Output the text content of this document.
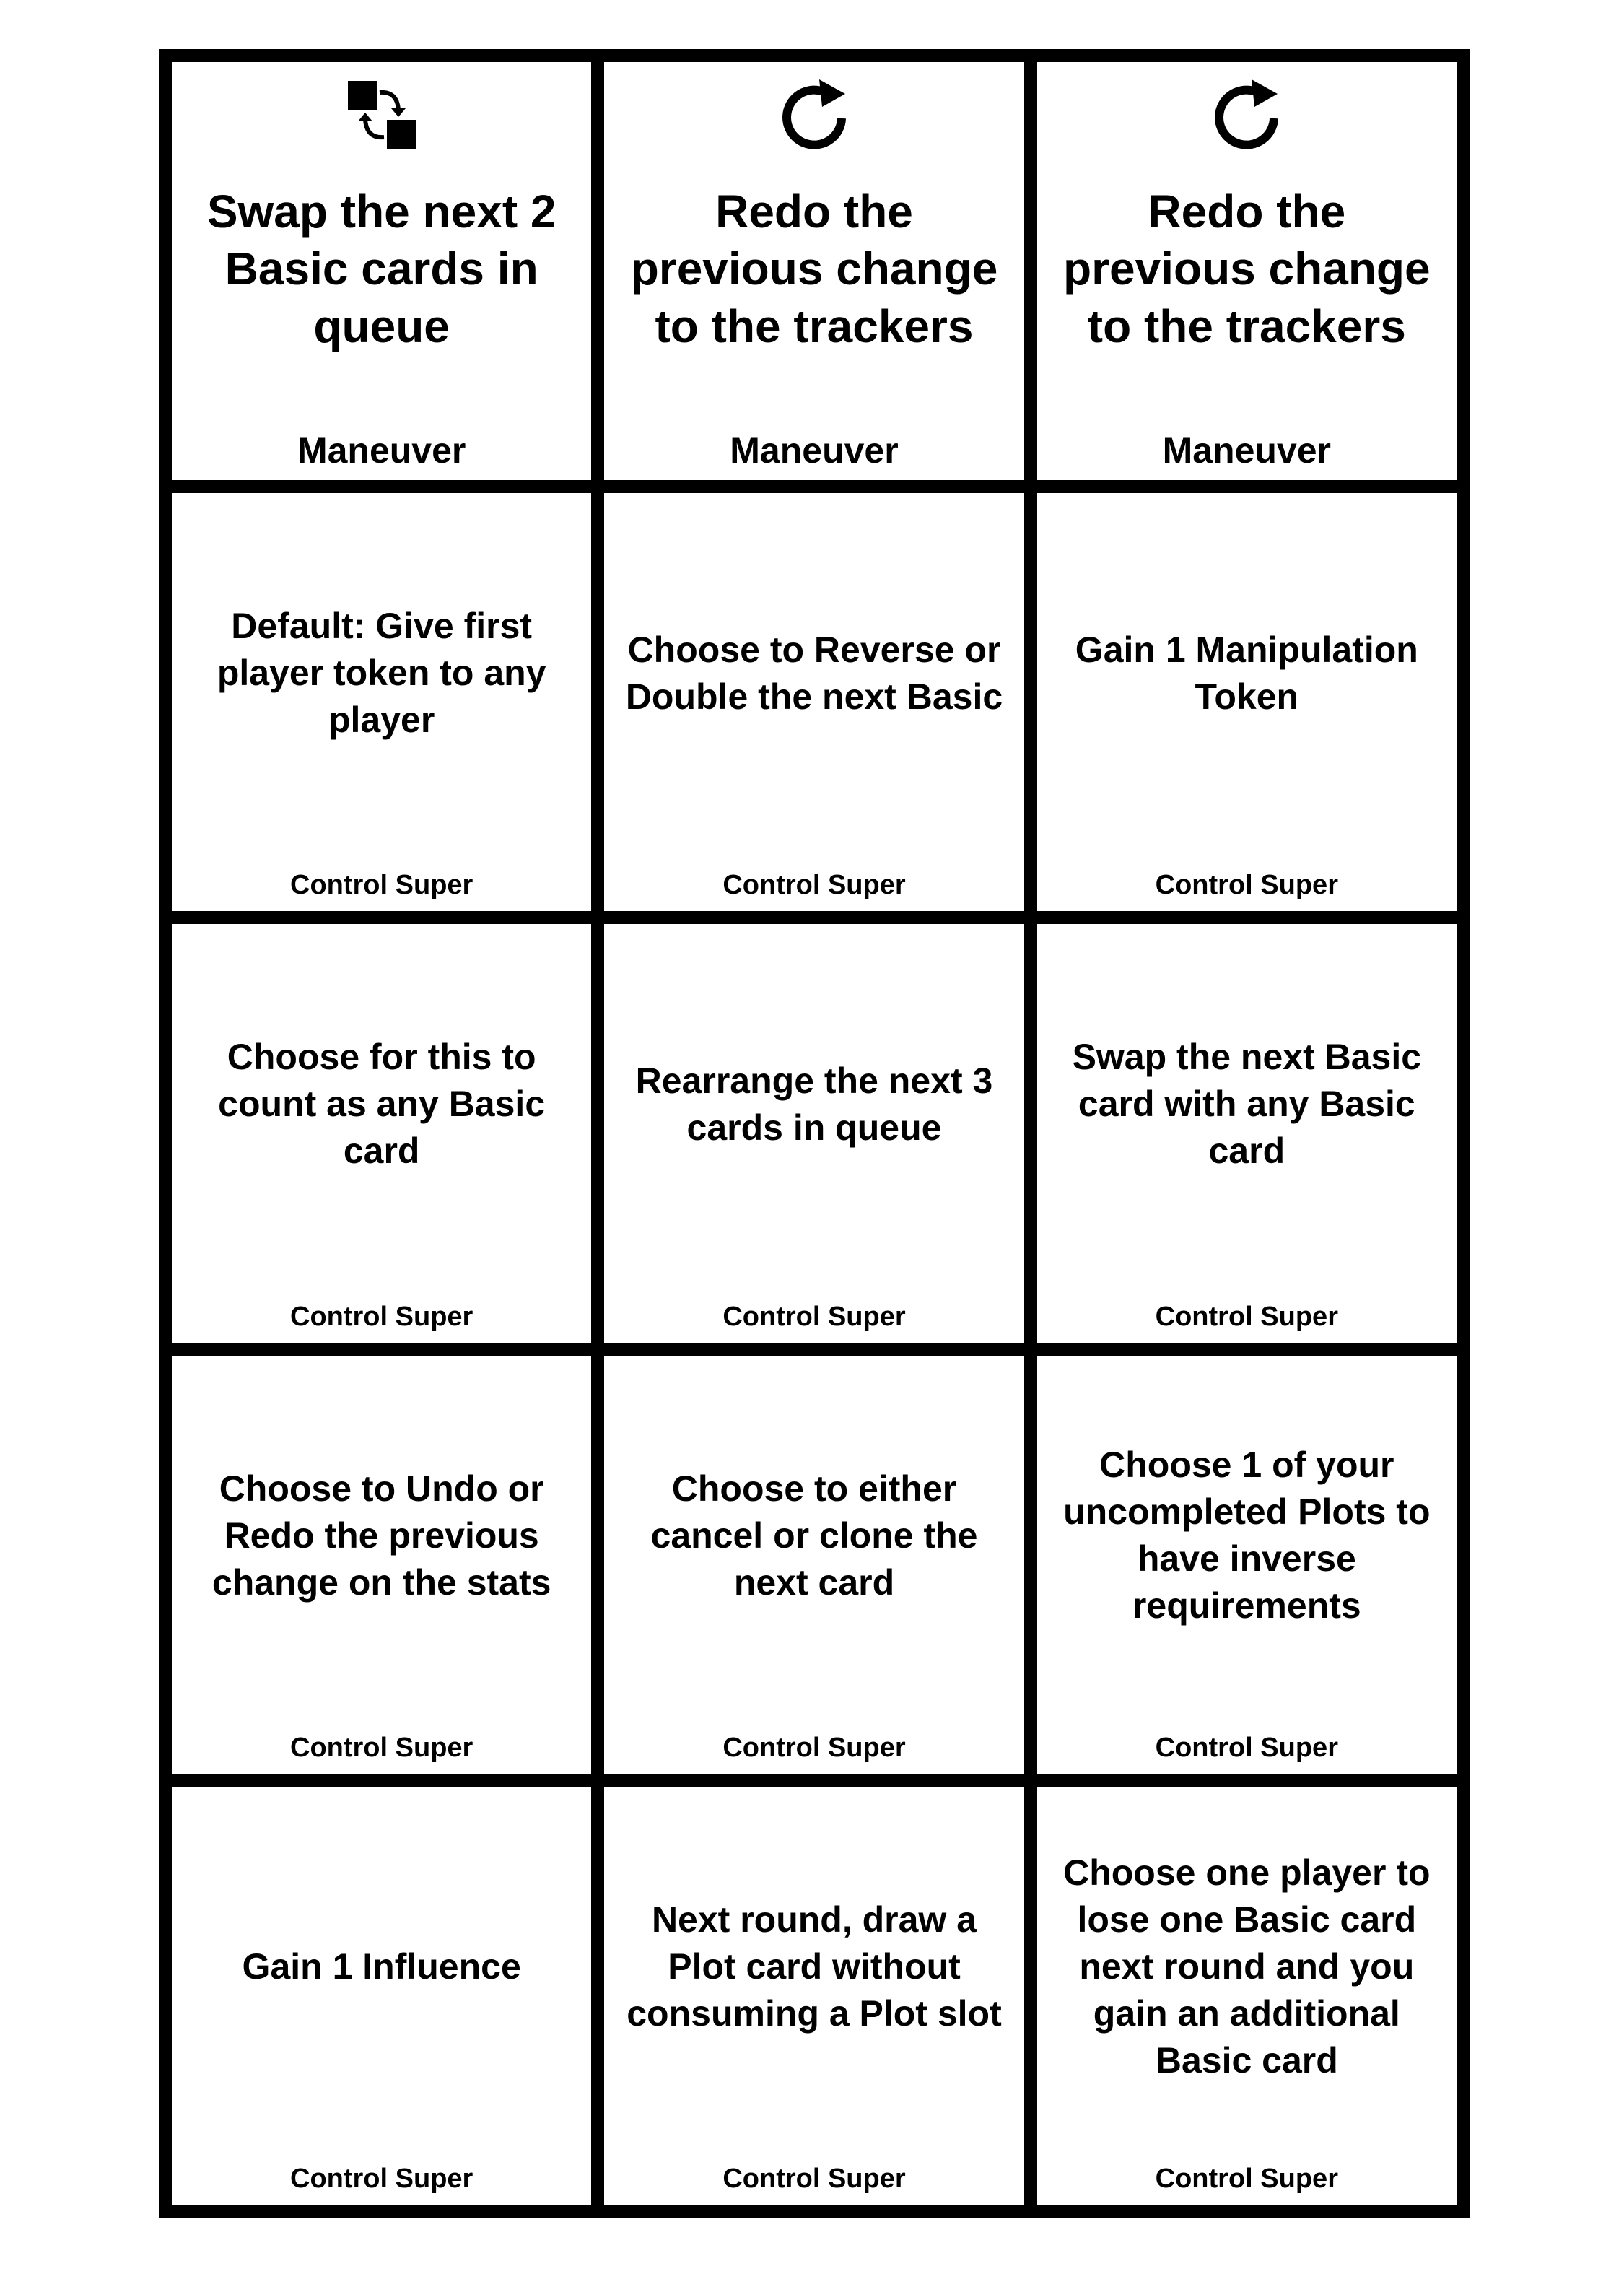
Swap the next 2 Basic cards in queue
Maneuver
Redo the previous change to the trackers
Maneuver
Redo the previous change to the trackers
Maneuver
Default: Give first player token to any player
Control Super
Choose to Reverse or Double the next Basic
Control Super
Gain 1 Manipulation Token
Control Super
Choose for this to count as any Basic card
Control Super
Rearrange the next 3 cards in queue
Control Super
Swap the next Basic card with any Basic card
Control Super
Choose to Undo or Redo the previous change on the stats
Control Super
Choose to either cancel or clone the next card
Control Super
Choose 1 of your uncompleted Plots to have inverse requirements
Control Super
Gain 1 Influence
Control Super
Next round, draw a Plot card without consuming a Plot slot
Control Super
Choose one player to lose one Basic card next round and you gain an additional Basic card
Control Super
